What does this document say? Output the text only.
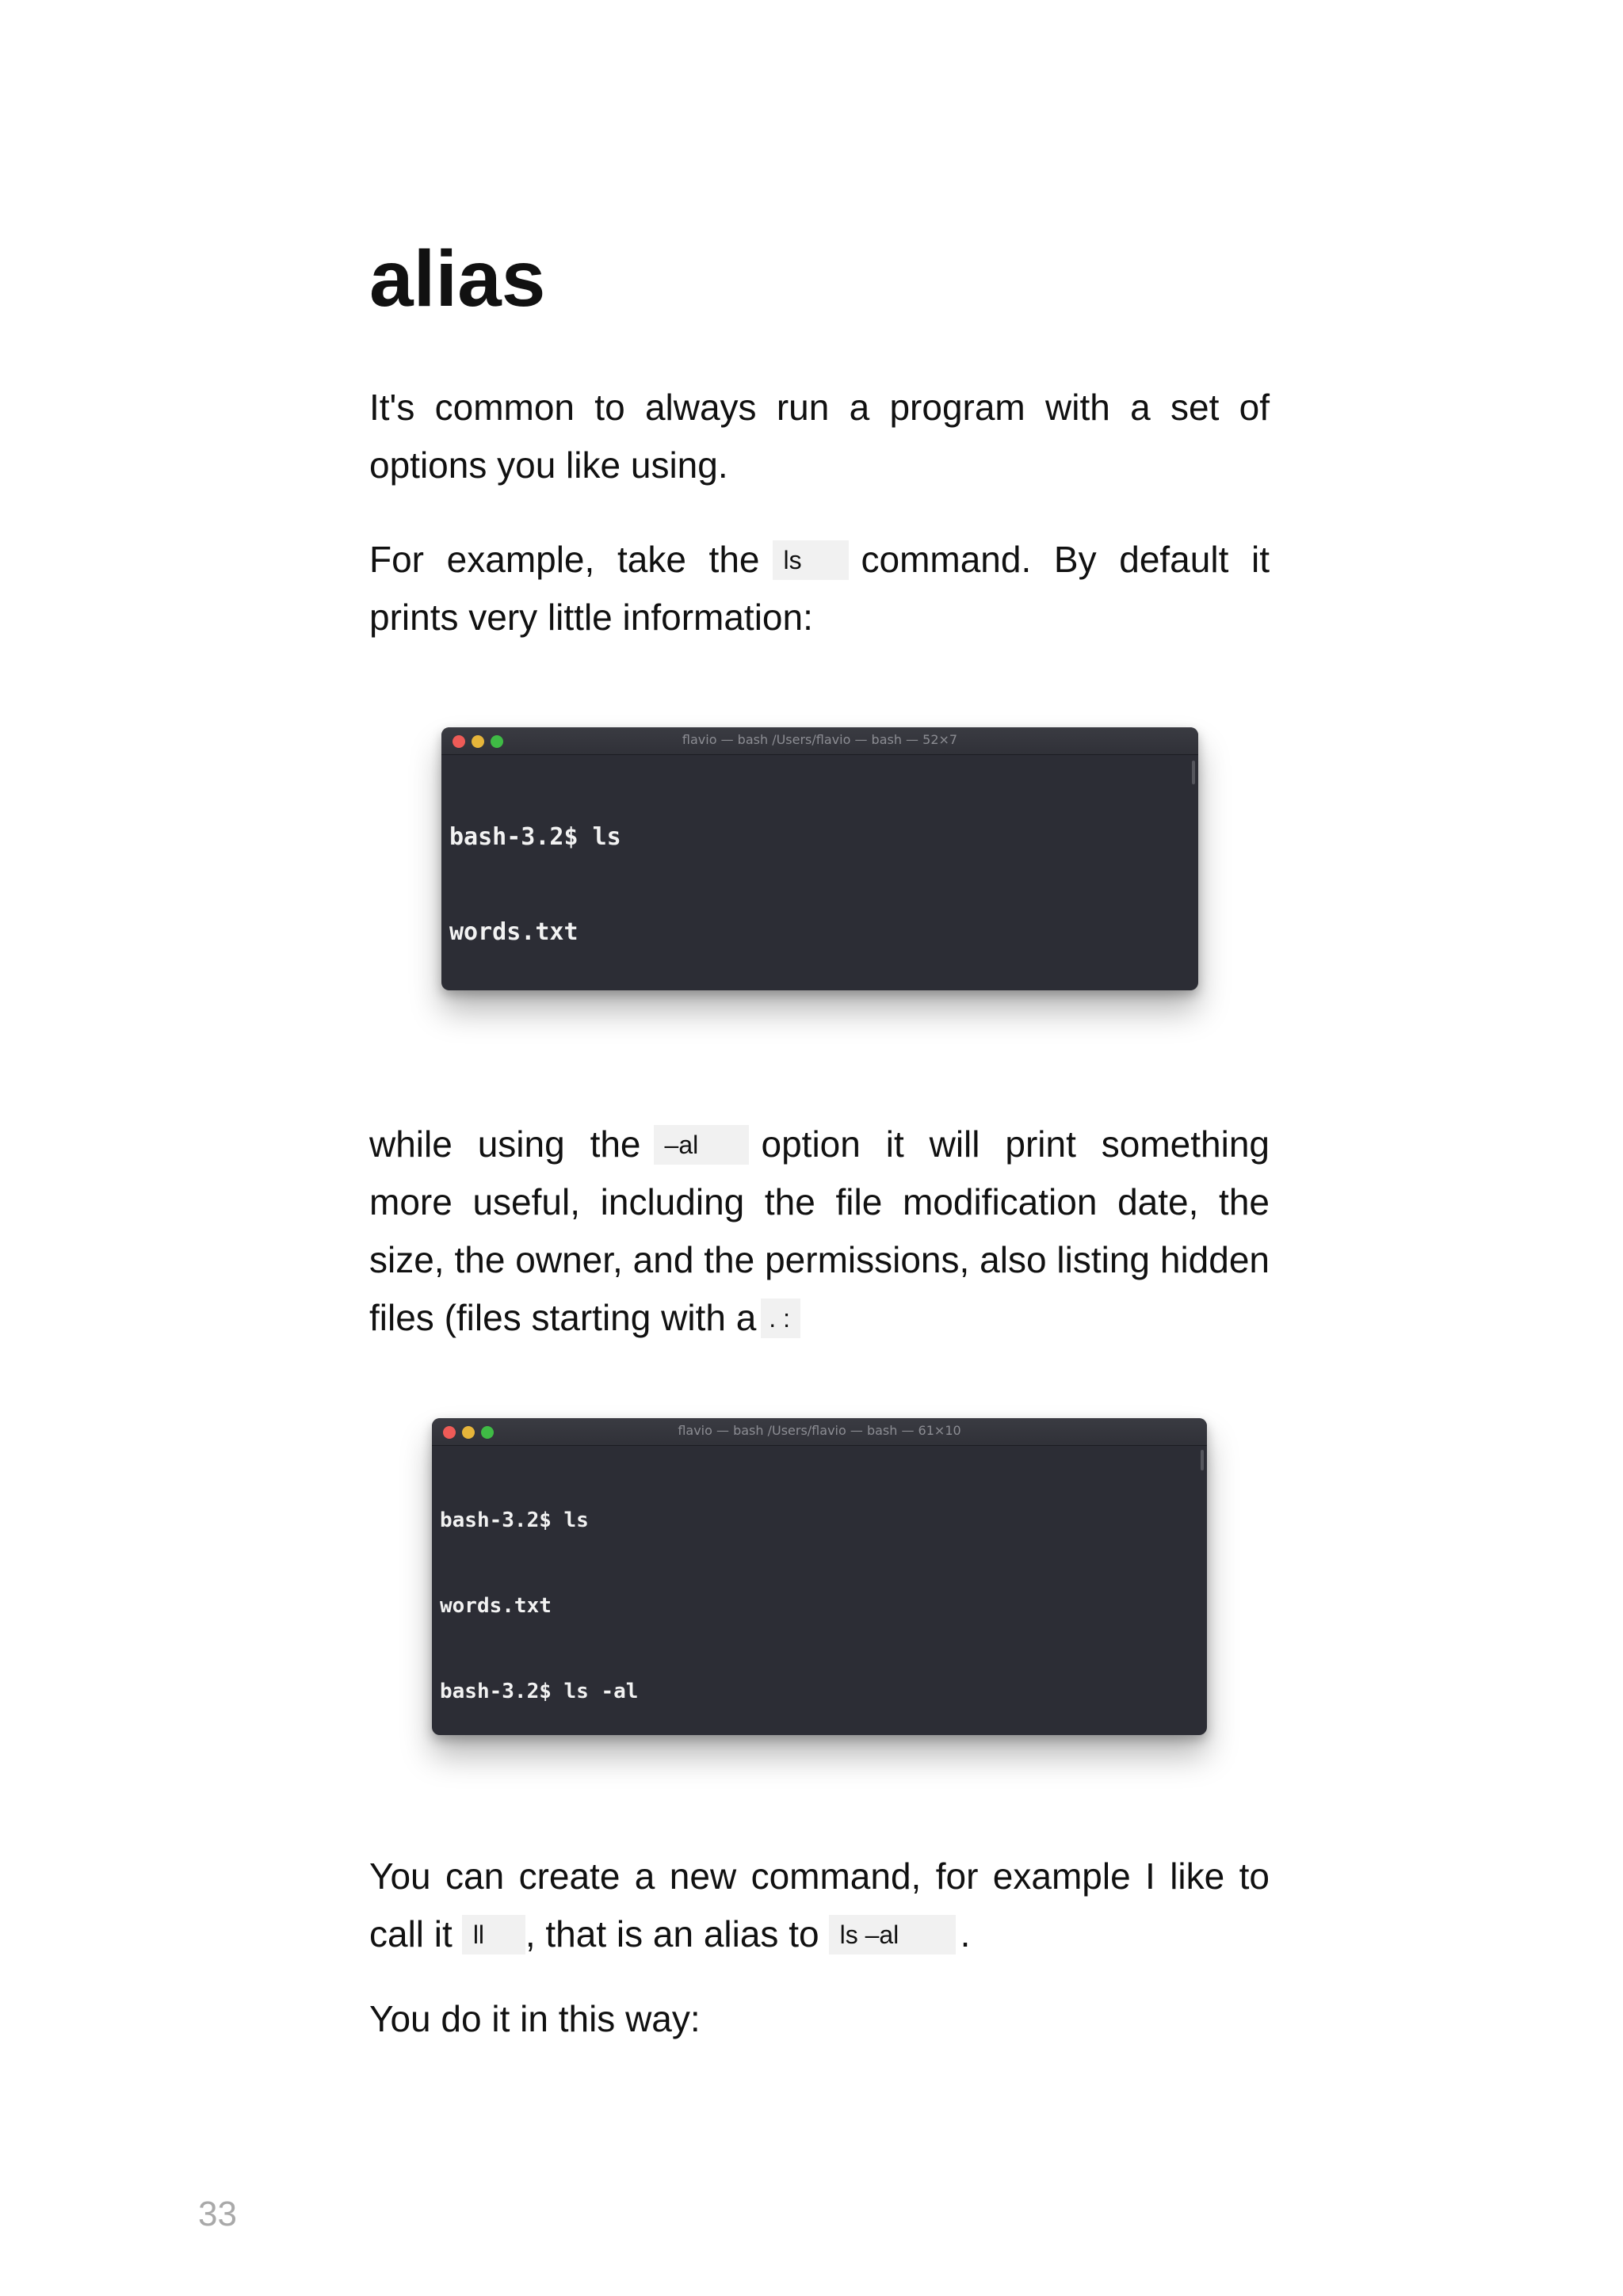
alias

It's common to always run a program with a set of options you like using.

For example, take the ls command. By default it prints very little information:

flavio — bash /Users/flavio — bash — 52×7

bash-3.2$ ls

words.txt

while using the –al option it will print something more useful, including the file modification date, the size, the owner, and the permissions, also listing hidden files (files starting with a . :

flavio — bash /Users/flavio — bash — 61×10

bash-3.2$ ls

words.txt

bash-3.2$ ls -al

You can create a new command, for example I like to call it ll , that is an alias to ls –al .

You do it in this way:

33
